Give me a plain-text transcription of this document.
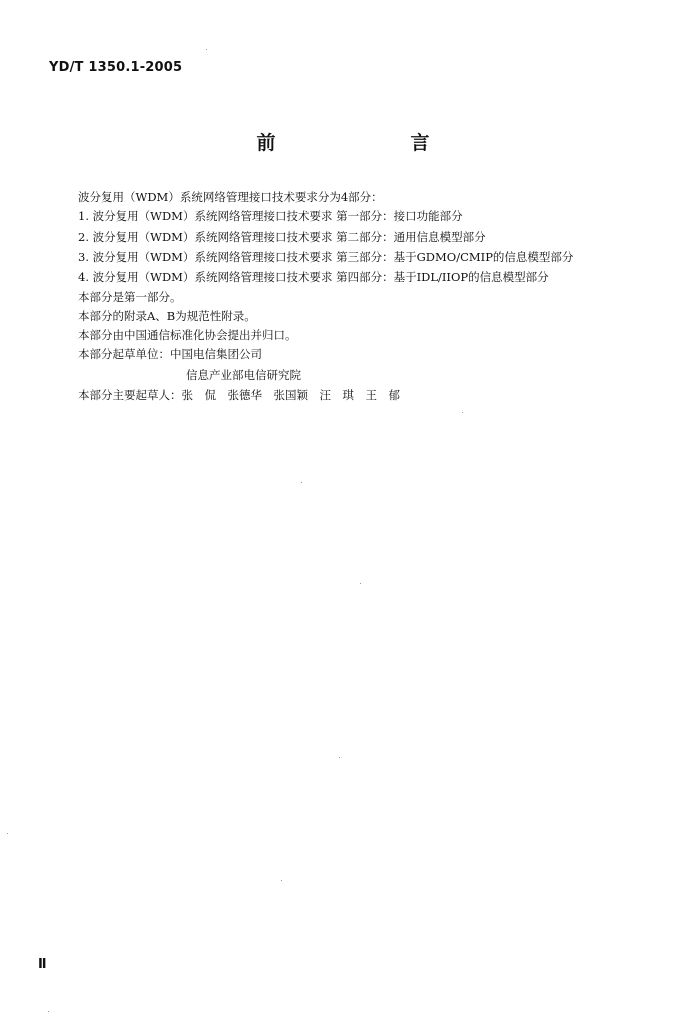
YD/T 1350.1-2005
前　言
波分复用（WDM）系统网络管理接口技术要求分为4部分：
1. 波分复用（WDM）系统网络管理接口技术要求 第一部分：接口功能部分
2. 波分复用（WDM）系统网络管理接口技术要求 第二部分：通用信息模型部分
3. 波分复用（WDM）系统网络管理接口技术要求 第三部分：基于GDMO/CMIP的信息模型部分
4. 波分复用（WDM）系统网络管理接口技术要求 第四部分：基于IDL/IIOP的信息模型部分
本部分是第一部分。
本部分的附录A、B为规范性附录。
本部分由中国通信标准化协会提出并归口。
本部分起草单位：中国电信集团公司
信息产业部电信研究院
本部分主要起草人：张　侃　张德华　张国颖　汪　琪　王　郁
Ⅱ
